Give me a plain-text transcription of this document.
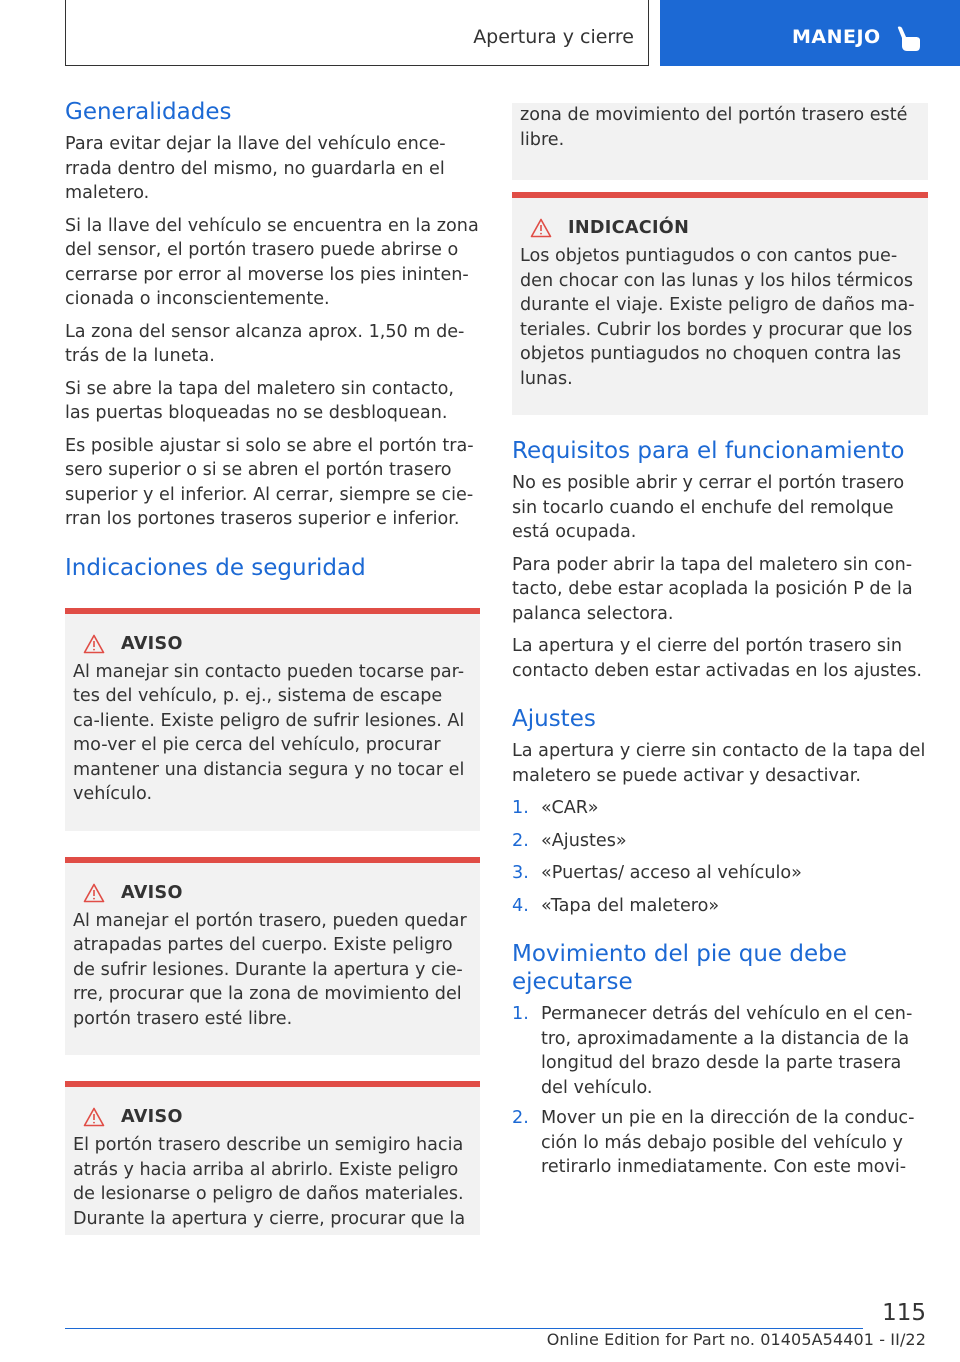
Apertura y cierre	MANEJO
Generalidades

Para evitar dejar la llave del vehículo ence-rrada dentro del mismo, no guardarla en el maletero.

Si la llave del vehículo se encuentra en la zona del sensor, el portón trasero puede abrirse o cerrarse por error al moverse los pies ininten-cionada o inconscientemente.

La zona del sensor alcanza aprox. 1,50 m de-trás de la luneta.

Si se abre la tapa del maletero sin contacto, las puertas bloqueadas no se desbloquean.

Es posible ajustar si solo se abre el portón tra-sero superior o si se abren el portón trasero superior y el inferior. Al cerrar, siempre se cie-rran los portones traseros superior e inferior.

Indicaciones de seguridad
AVISO

Al manejar sin contacto pueden tocarse par-tes del vehículo, p. ej., sistema de escape ca-liente. Existe peligro de sufrir lesiones. Al mo-ver el pie cerca del vehículo, procurar mantener una distancia segura y no tocar el vehículo.

AVISO

Al manejar el portón trasero, pueden quedar atrapadas partes del cuerpo. Existe peligro de sufrir lesiones. Durante la apertura y cie-rre, procurar que la zona de movimiento del portón trasero esté libre.

AVISO

El portón trasero describe un semigiro hacia atrás y hacia arriba al abrirlo. Existe peligro de lesionarse o peligro de daños materiales. Durante la apertura y cierre, procurar que la

zona de movimiento del portón trasero esté libre.

INDICACIÓN

Los objetos puntiagudos o con cantos pue-den chocar con las lunas y los hilos térmicos durante el viaje. Existe peligro de daños ma-teriales. Cubrir los bordes y procurar que los objetos puntiagudos no choquen contra las lunas.

Requisitos para el funcionamiento

No es posible abrir y cerrar el portón trasero sin tocarlo cuando el enchufe del remolque está ocupada.

Para poder abrir la tapa del maletero sin con-tacto, debe estar acoplada la posición P de la palanca selectora.

La apertura y el cierre del portón trasero sin contacto deben estar activadas en los ajustes.

Ajustes

La apertura y cierre sin contacto de la tapa del maletero se puede activar y desactivar.

1. «CAR»
2. «Ajustes»
3. «Puertas/ acceso al vehículo»
4. «Tapa del maletero»
Movimiento del pie que debe ejecutarse
1. Permanecer detrás del vehículo en el cen-tro, aproximadamente a la distancia de la longitud del brazo desde la parte trasera del vehículo.
2. Mover un pie en la dirección de la conduc-ción lo más debajo posible del vehículo y retirarlo inmediatamente. Con este movi-
115
Online Edition for Part no. 01405A54401 - II/22
